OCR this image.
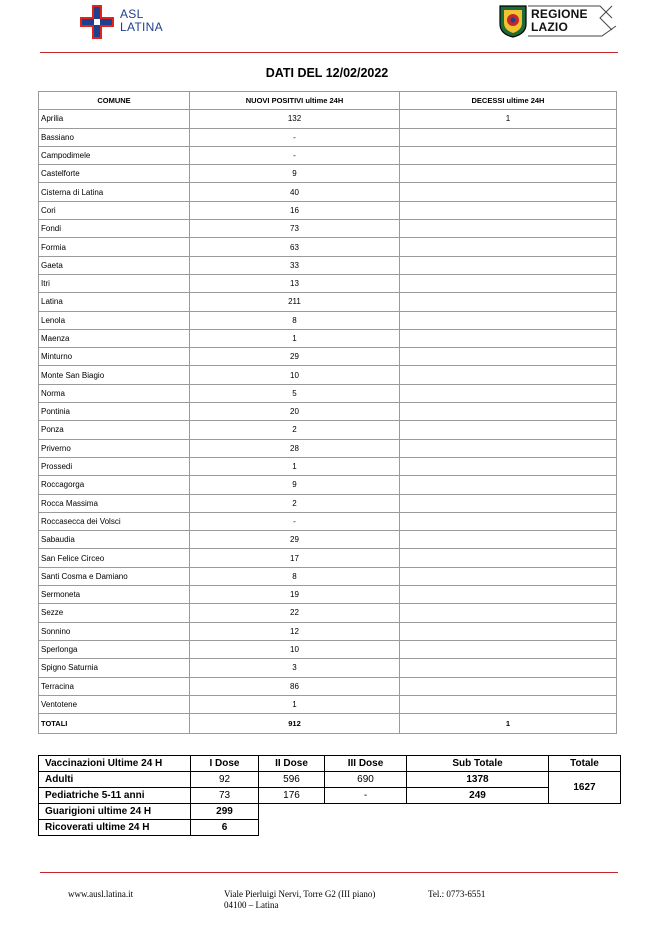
ASL
LATINA
REGIONE
LAZIO
DATI DEL 12/02/2022
COMUNE	NUOVI POSITIVI ultime 24H	DECESSI ultime 24H
Aprilia	132	1
Bassiano	-	
Campodimele	-	
Castelforte	9	
Cisterna di Latina	40	
Cori	16	
Fondi	73	
Formia	63	
Gaeta	33	
Itri	13	
Latina	211	
Lenola	8	
Maenza	1	
Minturno	29	
Monte San Biagio	10	
Norma	5	
Pontinia	20	
Ponza	2	
Priverno	28	
Prossedi	1	
Roccagorga	9	
Rocca Massima	2	
Roccasecca dei Volsci	-	
Sabaudia	29	
San Felice Circeo	17	
Santi Cosma e Damiano	8	
Sermoneta	19	
Sezze	22	
Sonnino	12	
Sperlonga	10	
Spigno Saturnia	3	
Terracina	86	
Ventotene	1	
TOTALI	912	1
Vaccinazioni Ultime 24 H	I Dose	II Dose	III Dose	Sub Totale	Totale
Adulti	92	596	690	1378	1627
Pediatriche 5-11 anni	73	176	-	249	
Guarigioni ultime 24 H	299				
Ricoverati ultime 24 H	6				
www.ausl.latina.it	Viale Pierluigi Nervi, Torre G2 (III piano)
04100 – Latina
Tel.: 0773-6551
